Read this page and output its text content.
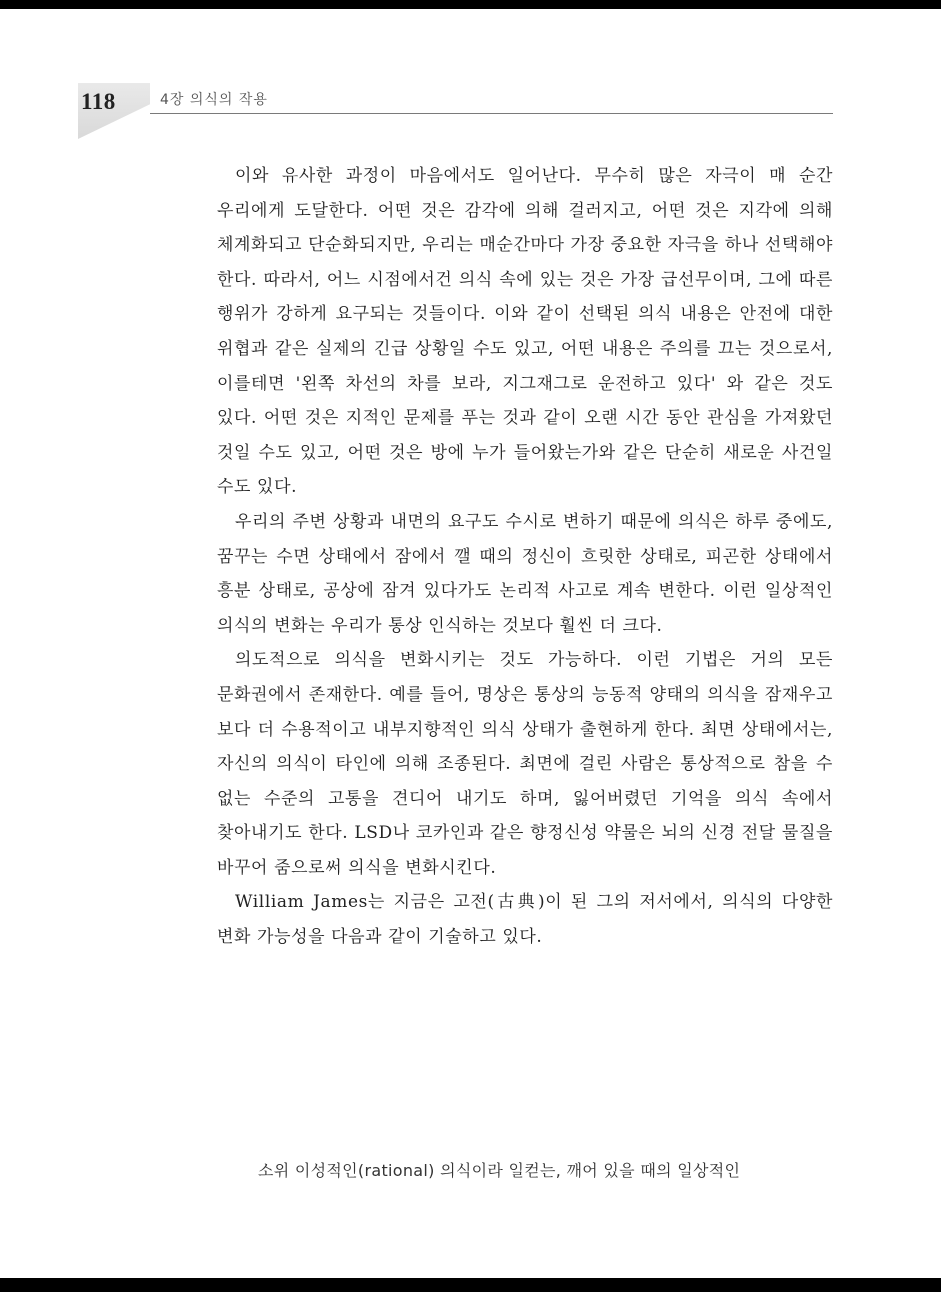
118	4장 의식의 작용

이와 유사한 과정이 마음에서도 일어난다. 무수히 많은 자극이 매 순간 우리에게 도달한다. 어떤 것은 감각에 의해 걸러지고, 어떤 것은 지각에 의해 체계화되고 단순화되지만, 우리는 매순간마다 가장 중요한 자극을 하나 선택해야 한다. 따라서, 어느 시점에서건 의식 속에 있는 것은 가장 급선무이며, 그에 따른 행위가 강하게 요구되는 것들이다. 이와 같이 선택된 의식 내용은 안전에 대한 위협과 같은 실제의 긴급 상황일 수도 있고, 어떤 내용은 주의를 끄는 것으로서, 이를테면 '왼쪽 차선의 차를 보라, 지그재그로 운전하고 있다' 와 같은 것도 있다. 어떤 것은 지적인 문제를 푸는 것과 같이 오랜 시간 동안 관심을 가져왔던 것일 수도 있고, 어떤 것은 방에 누가 들어왔는가와 같은 단순히 새로운 사건일 수도 있다.

우리의 주변 상황과 내면의 요구도 수시로 변하기 때문에 의식은 하루 중에도, 꿈꾸는 수면 상태에서 잠에서 깰 때의 정신이 흐릿한 상태로, 피곤한 상태에서 흥분 상태로, 공상에 잠겨 있다가도 논리적 사고로 계속 변한다. 이런 일상적인 의식의 변화는 우리가 통상 인식하는 것보다 훨씬 더 크다.

의도적으로 의식을 변화시키는 것도 가능하다. 이런 기법은 거의 모든 문화권에서 존재한다. 예를 들어, 명상은 통상의 능동적 양태의 의식을 잠재우고 보다 더 수용적이고 내부지향적인 의식 상태가 출현하게 한다. 최면 상태에서는, 자신의 의식이 타인에 의해 조종된다. 최면에 걸린 사람은 통상적으로 참을 수 없는 수준의 고통을 견디어 내기도 하며, 잃어버렸던 기억을 의식 속에서 찾아내기도 한다. LSD나 코카인과 같은 향정신성 약물은 뇌의 신경 전달 물질을 바꾸어 줌으로써 의식을 변화시킨다.

William James는 지금은 고전(古典)이 된 그의 저서에서, 의식의 다양한 변화 가능성을 다음과 같이 기술하고 있다.

소위 이성적인(rational) 의식이라 일컫는, 깨어 있을 때의 일상적인
